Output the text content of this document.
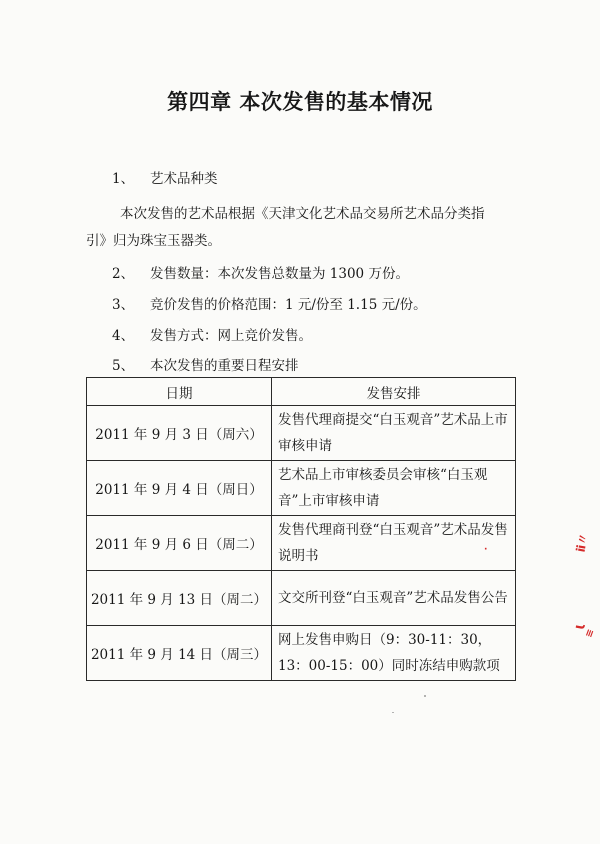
第四章 本次发售的基本情况
1、 艺术品种类
本次发售的艺术品根据《天津文化艺术品交易所艺术品分类指
引》归为珠宝玉器类。
2、 发售数量：本次发售总数量为 1300 万份。
3、 竞价发售的价格范围：1 元/份至 1.15 元/份。
4、 发售方式：网上竞价发售。
5、 本次发售的重要日程安排
日期	发售安排
2011 年 9 月 3 日（周六）	发售代理商提交“白玉观音”艺术品上市审核申请
2011 年 9 月 4 日（周日）	艺术品上市审核委员会审核“白玉观音”上市审核申请
2011 年 9 月 6 日（周二）	发售代理商刊登“白玉观音”艺术品发售说明书
2011 年 9 月 13 日（周二）	文交所刊登“白玉观音”艺术品发售公告
2011 年 9 月 14 日（周三）	网上发售申购日（9：30-11：30，13：00-15：00）同时冻结申购款项
ⅱ〃
Ɩ
≡
·
